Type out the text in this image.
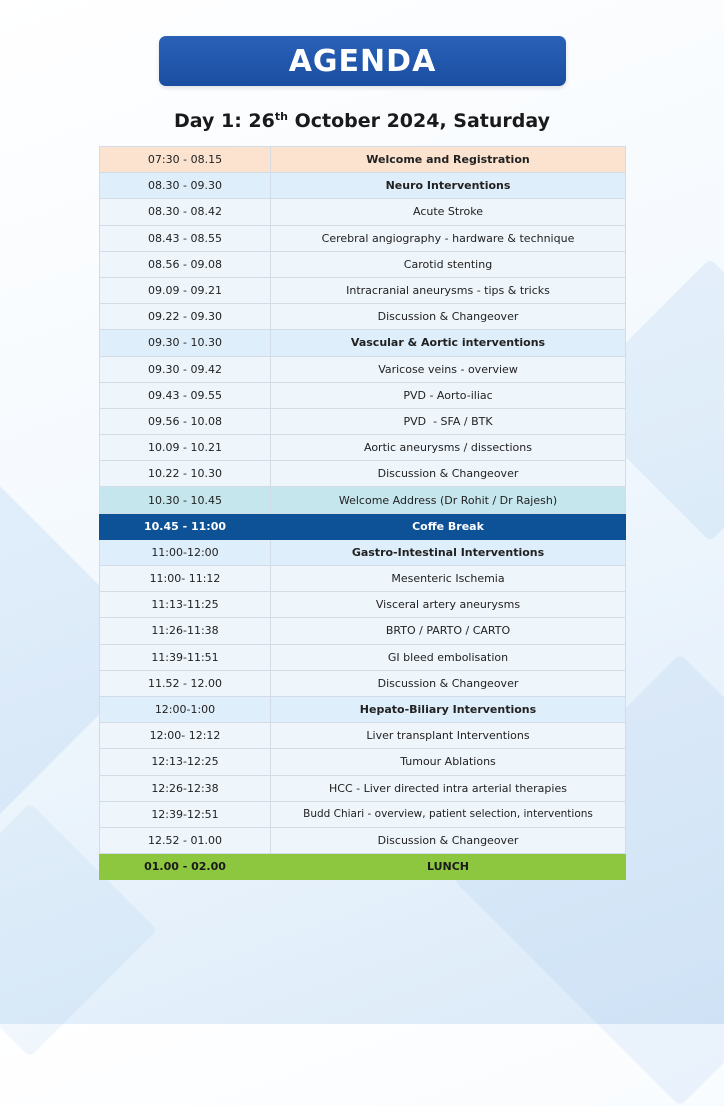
AGENDA
Day 1: 26th October 2024, Saturday
07:30 - 08.15	Welcome and Registration
08.30 - 09.30	Neuro Interventions
08.30 - 08.42	Acute Stroke
08.43 - 08.55	Cerebral angiography - hardware & technique
08.56 - 09.08	Carotid stenting
09.09 - 09.21	Intracranial aneurysms - tips & tricks
09.22 - 09.30	Discussion & Changeover
09.30 - 10.30	Vascular & Aortic interventions
09.30 - 09.42	Varicose veins - overview
09.43 - 09.55	PVD - Aorto-iliac
09.56 - 10.08	PVD  - SFA / BTK
10.09 - 10.21	Aortic aneurysms / dissections
10.22 - 10.30	Discussion & Changeover
10.30 - 10.45	Welcome Address (Dr Rohit / Dr Rajesh)
10.45 - 11:00	Coffe Break
11:00-12:00	Gastro-Intestinal Interventions
11:00- 11:12	Mesenteric Ischemia
11:13-11:25	Visceral artery aneurysms
11:26-11:38	BRTO / PARTO / CARTO
11:39-11:51	GI bleed embolisation
11.52 - 12.00	Discussion & Changeover
12:00-1:00	Hepato-Biliary Interventions
12:00- 12:12	Liver transplant Interventions
12:13-12:25	Tumour Ablations
12:26-12:38	HCC - Liver directed intra arterial therapies
12:39-12:51	Budd Chiari - overview, patient selection, interventions
12.52 - 01.00	Discussion & Changeover
01.00 - 02.00	LUNCH
